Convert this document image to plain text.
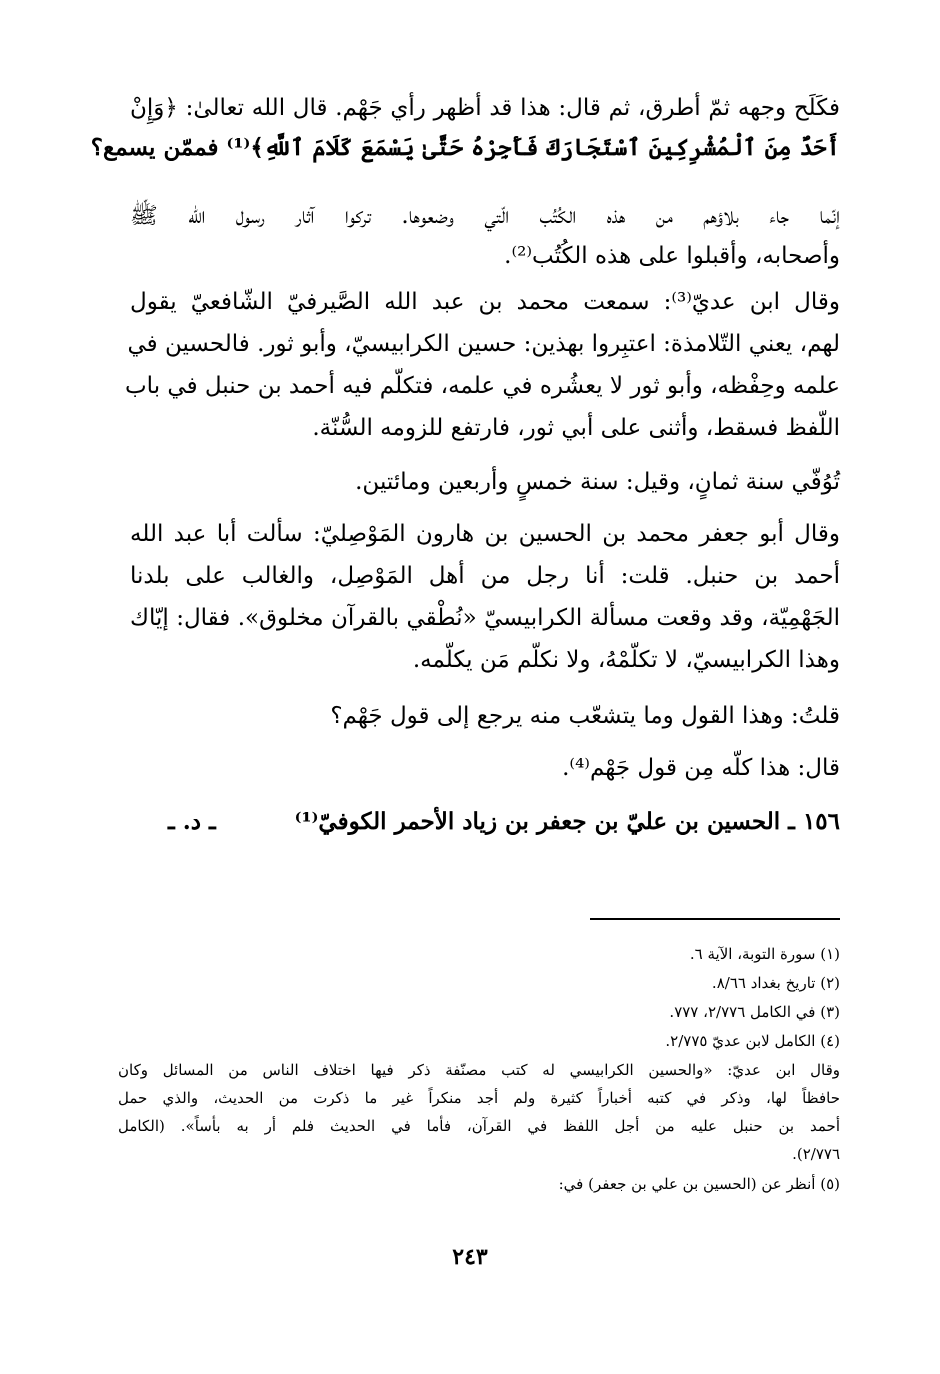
فكَلَح وجهه ثمّ أطرق، ثم قال: هذا قد أظهر رأي جَهْم. قال الله تعالىٰ: ﴿وَإِنْ
أَحَدٌ مِنَ ٱلْمُشْرِكِينَ ٱسْتَجَارَكَ فَأَجِرْهُ حَتَّىٰ يَسْمَعَ كَلَامَ ٱللَّهِ﴾⁽¹⁾ فممّن يسمع؟
إنّما جاء بلاؤهم من هذه الكُتُب الّتي وضعوها. تركوا آثار رسول الله ﷺ
وأصحابه، وأقبلوا على هذه الكُتُب⁽²⁾.
وقال ابن عديّ⁽³⁾: سمعت محمد بن عبد الله الصَّيرفيّ الشّافعيّ يقول
لهم، يعني التّلامذة: اعتبِروا بهذين: حسين الكرابيسيّ، وأبو ثور. فالحسين في
علمه وحِفْظه، وأبو ثور لا يعشُره في علمه، فتكلّم فيه أحمد بن حنبل في باب
اللّفظ فسقط، وأثنى على أبي ثور، فارتفع للزومه السُّنّة.
تُوُفّي سنة ثمانٍ، وقيل: سنة خمسٍ وأربعين ومائتين.
وقال أبو جعفر محمد بن الحسين بن هارون المَوْصِليّ: سألت أبا عبد الله
أحمد بن حنبل. قلت: أنا رجل من أهل المَوْصِل، والغالب على بلدنا
الجَهْمِيّة، وقد وقعت مسألة الكرابيسيّ «نُطْقي بالقرآن مخلوق». فقال: إيّاك
وهذا الكرابيسيّ، لا تكلّمْهُ، ولا نكلّم مَن يكلّمه.
قلتُ: وهذا القول وما يتشعّب منه يرجع إلى قول جَهْم؟
قال: هذا كلّه مِن قول جَهْم⁽⁴⁾.
١٥٦ ـ الحسين بن عليّ بن جعفر بن زياد الأحمر الكوفيّ⁽¹⁾
ـ د. ـ
(١) سورة التوبة، الآية ٦.
(٢) تاريخ بغداد ٨/٦٦.
(٣) في الكامل ٢/٧٧٦، ٧٧٧.
(٤) الكامل لابن عديّ ٢/٧٧٥.
وقال ابن عديّ: «والحسين الكرابيسي له كتب مصنّفة ذكر فيها اختلاف الناس من المسائل وكان
حافظاً لها، وذكر في كتبه أخباراً كثيرة ولم أجد منكراً غير ما ذكرت من الحديث، والذي حمل
أحمد بن حنبل عليه من أجل اللفظ في القرآن، فأما في الحديث فلم أر به بأساً». (الكامل
٢/٧٧٦).
(٥) أنظر عن (الحسين بن علي بن جعفر) في:
٢٤٣
